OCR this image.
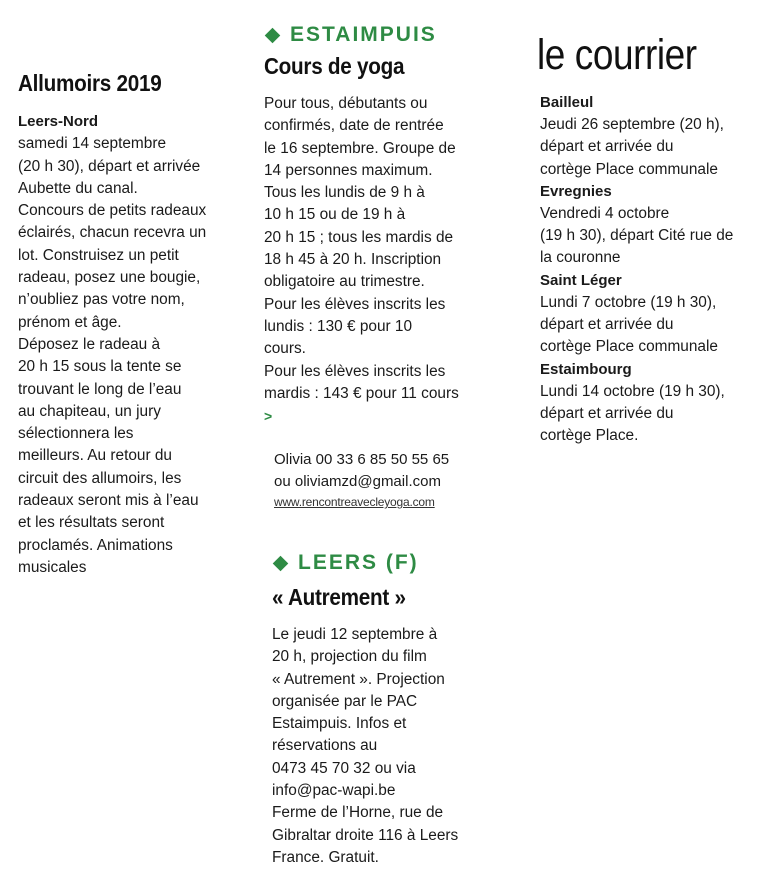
Allumoirs 2019
Leers-Nord

samedi 14 septembre
(20 h 30), départ et arrivée
Aubette du canal.
Concours de petits radeaux
éclairés, chacun recevra un
lot. Construisez un petit
radeau, posez une bougie,
n’oubliez pas votre nom,
prénom et âge.
Déposez le radeau à
20 h 15 sous la tente se
trouvant le long de l’eau
au chapiteau, un jury
sélectionnera les
meilleurs. Au retour du
circuit des allumoirs, les
radeaux seront mis à l’eau
et les résultats seront
proclamés. Animations
musicales

ESTAIMPUIS
Cours de yoga

Pour tous, débutants ou
confirmés, date de rentrée
le 16 septembre. Groupe de
14 personnes maximum.
Tous les lundis de 9 h à
10 h 15 ou de 19 h à
20 h 15 ; tous les mardis de
18 h 45 à 20 h. Inscription
obligatoire au trimestre.
Pour les élèves inscrits les
lundis : 130 € pour 10
cours.
Pour les élèves inscrits les
mardis : 143 € pour 11 cours

>

Olivia 00 33 6 85 50 55 65
ou oliviamzd@gmail.com

www.rencontreavecleyoga.com
LEERS (F)
« Autrement »

Le jeudi 12 septembre à
20 h, projection du film
« Autrement ». Projection
organisée par le PAC
Estaimpuis. Infos et
réservations au
0473 45 70 32 ou via
info@pac-wapi.be
Ferme de l’Horne, rue de
Gibraltar droite 116 à Leers
France. Gratuit.

le courrier
Bailleul

Jeudi 26 septembre (20 h),
départ et arrivée du
cortège Place communale

Evregnies

Vendredi 4 octobre
(19 h 30), départ Cité rue de
la couronne

Saint Léger

Lundi 7 octobre (19 h 30),
départ et arrivée du
cortège Place communale

Estaimbourg

Lundi 14 octobre (19 h 30),
départ et arrivée du
cortège Place.
